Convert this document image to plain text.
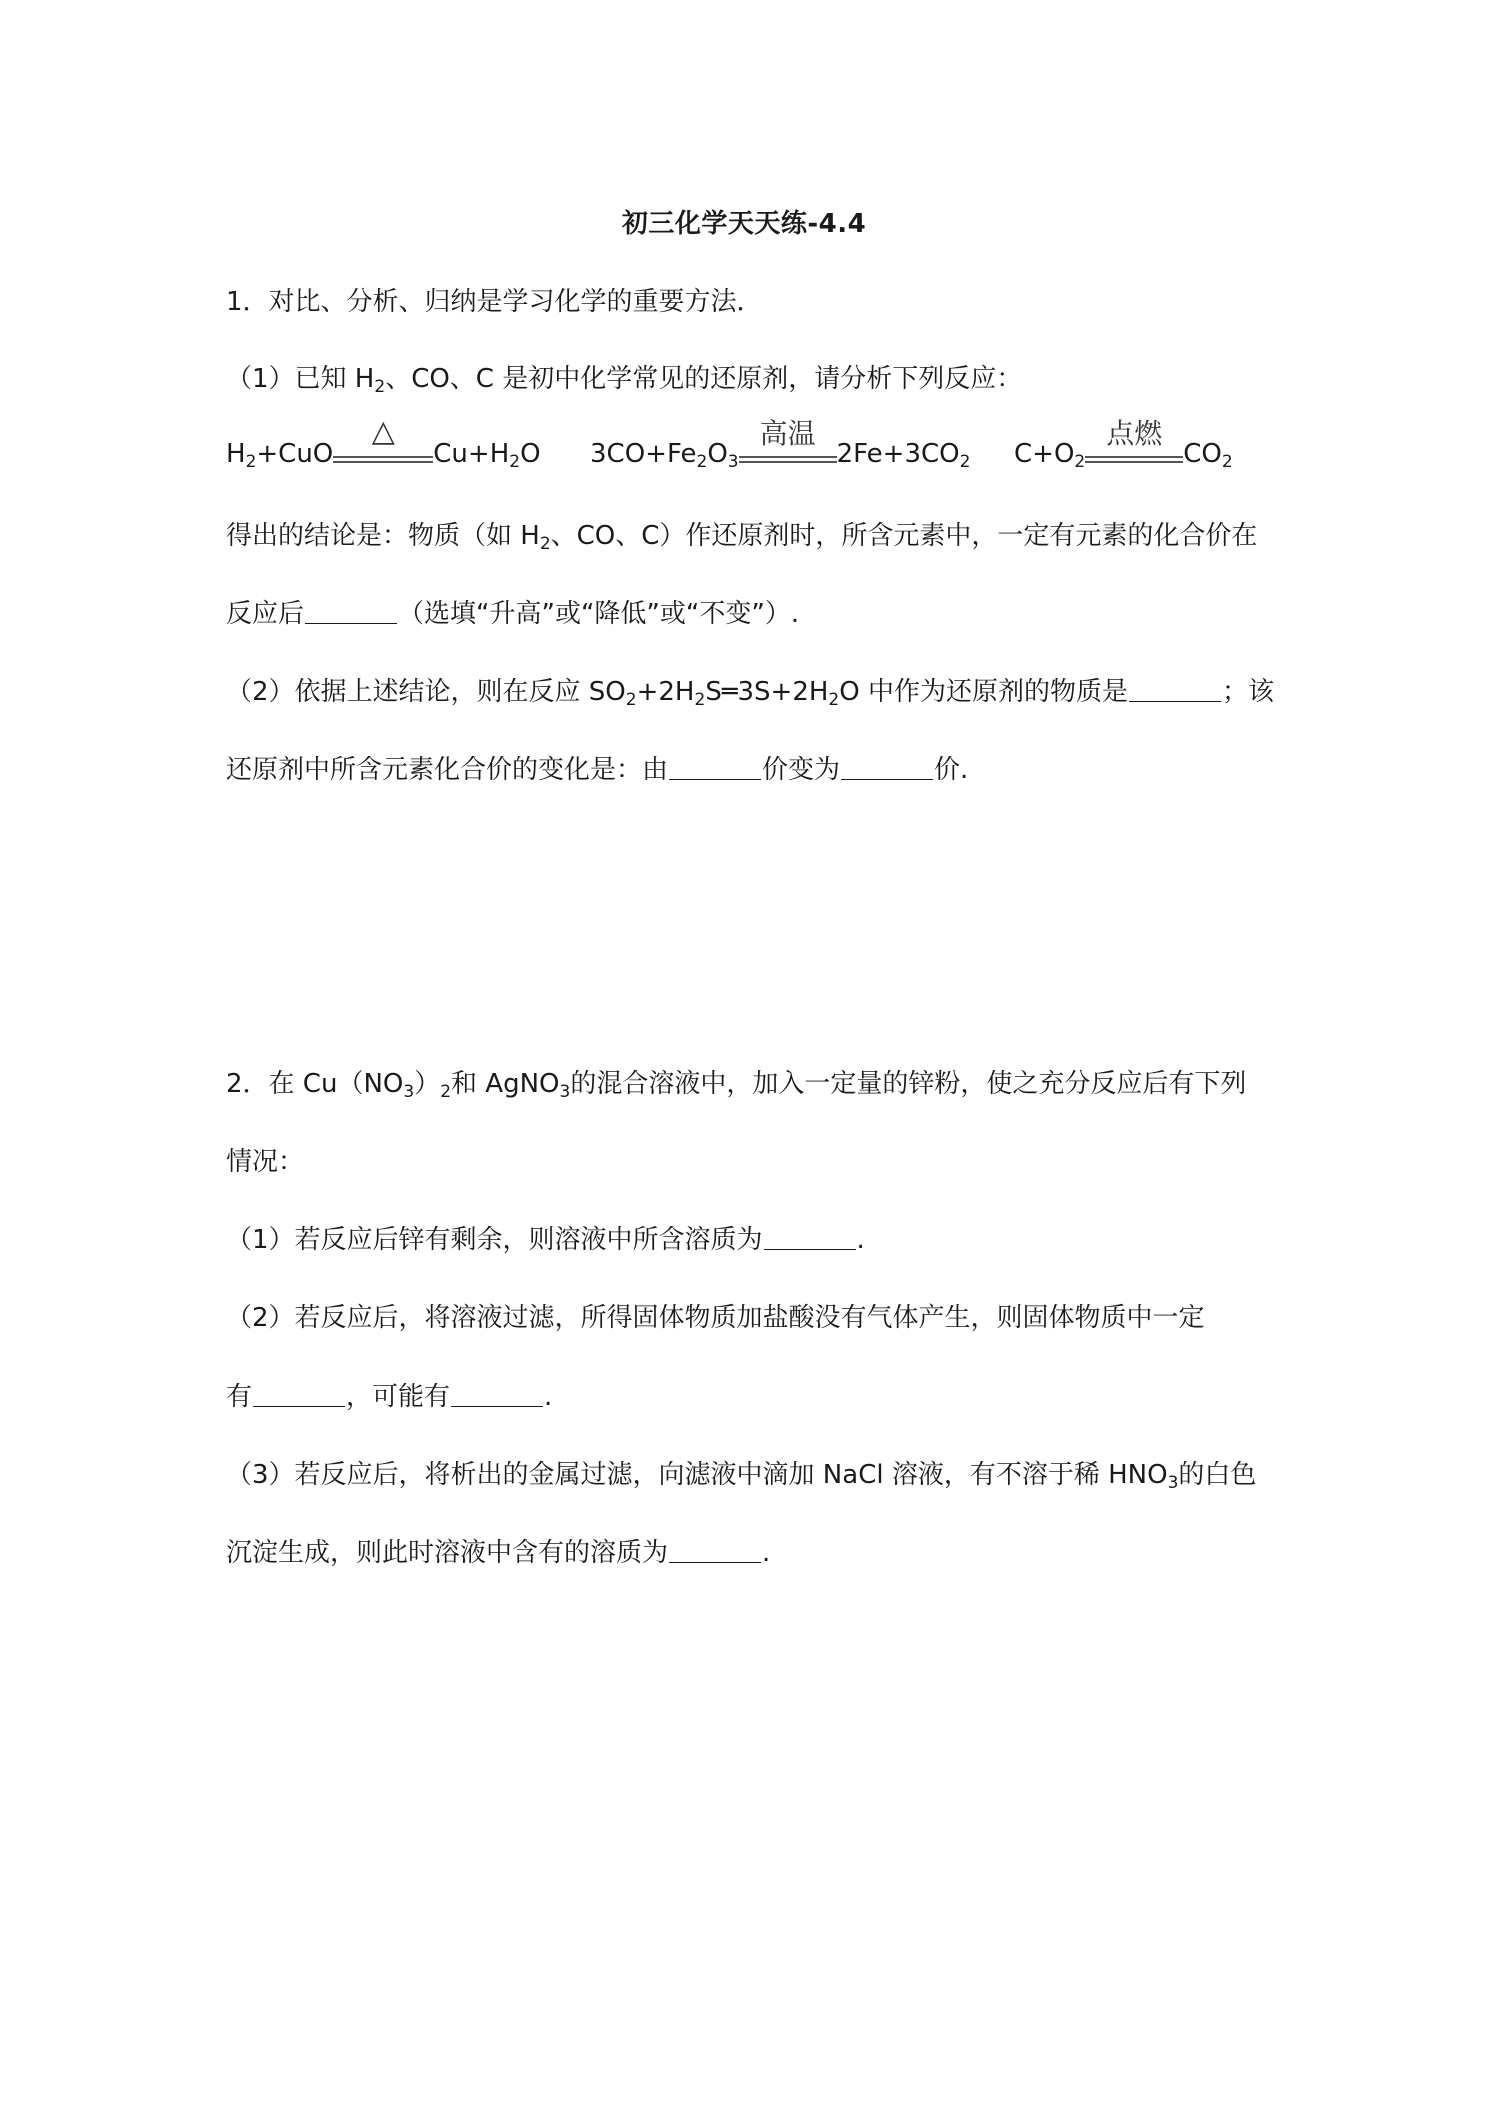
初三化学天天练-4.4
1．对比、分析、归纳是学习化学的重要方法．
（1）已知 $H_2$、CO、C 是初中化学常见的还原剂，请分析下列反应：
$H_2+CuO$
△
$Cu+H_2O$ $3CO+Fe_2O_3$
高温
$2Fe+3CO_2$ $C+O_2$
点燃
$CO_2$
得出的结论是：物质（如 $H_2$、CO、C）作还原剂时，所含元素中，一定有元素的化合价在
反应后	（选填“升高”或“降低”或“不变”）.
（2）依据上述结论，则在反应 $SO_2+2H_2S═3S+2H_2O$ 中作为还原剂的物质是	；该
还原剂中所含元素化合价的变化是：由	价变为	价.
2．在 $Cu(NO_3)_2$和 AgNO$_3$的混合溶液中，加入一定量的锌粉，使之充分反应后有下列
情况：
（1）若反应后锌有剩余，则溶液中所含溶质为	.
（2）若反应后，将溶液过滤，所得固体物质加盐酸没有气体产生，则固体物质中一定
有	，可能有	.
（3）若反应后，将析出的金属过滤，向滤液中滴加 NaCl 溶液，有不溶于稀 $HNO_3$的白色
沉淀生成，则此时溶液中含有的溶质为	.
